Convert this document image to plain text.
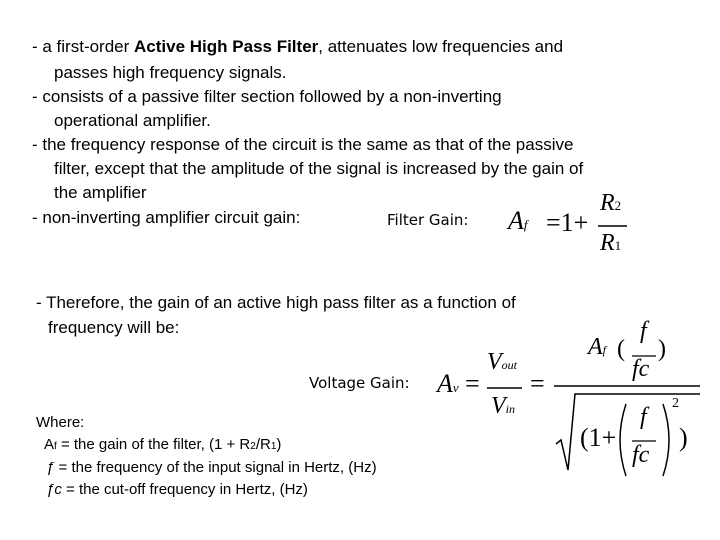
- a first-order Active High Pass Filter, attenuates low frequencies and
passes high frequency signals.
- consists of a passive filter section followed by a non-inverting
operational amplifier.
- the frequency response of the circuit is the same as that of the passive
filter, except that the amplitude of the signal is increased by the gain of
the amplifier
- non-inverting amplifier circuit gain:	Filter Gain: Af =1+
R2
R1
- Therefore, the gain of an active high pass filter as a function of
frequency will be:
Voltage Gain: Av =
Vout
Vin
=
Af (
f
fc
)
(1+
f
fc
)
2
Where:
Af = the gain of the filter, (1 + R2/R1)
ƒ = the frequency of the input signal in Hertz, (Hz)
ƒc = the cut-off frequency in Hertz, (Hz)
